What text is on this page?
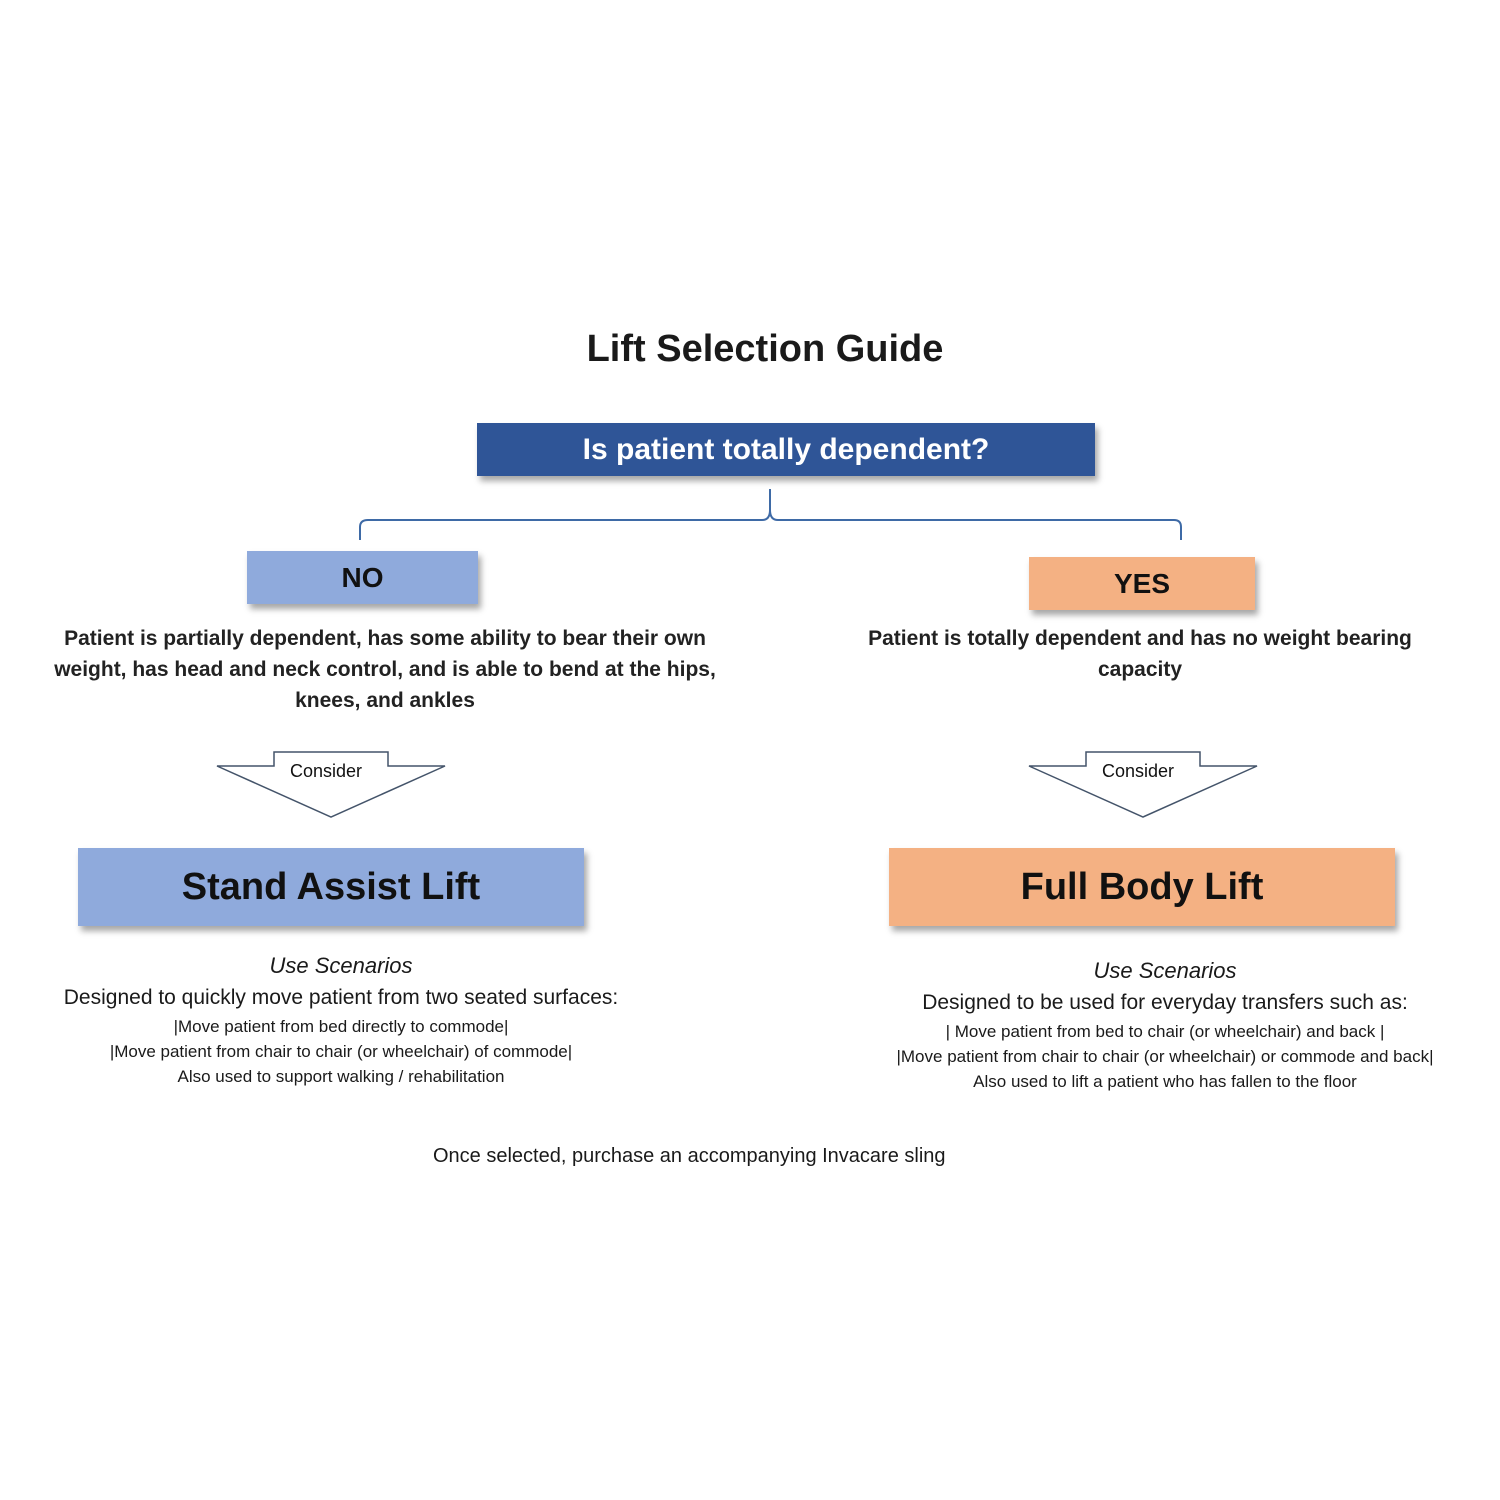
Lift Selection Guide
Is patient totally dependent?
NO	YES
Patient is partially dependent, has some ability to bear their own weight, has head and neck control, and is able to bend at the hips, knees, and ankles
Patient is totally dependent and has no weight bearing capacity
Consider	Consider
Stand Assist Lift	Full Body Lift
Use Scenarios
Designed to quickly move patient from two seated surfaces:
|Move patient from bed directly to commode|
|Move patient from chair to chair (or wheelchair) of commode|
Also used to support walking / rehabilitation
Use Scenarios
Designed to be used for everyday transfers such as:
| Move patient from bed to chair (or wheelchair) and back |
|Move patient from chair to chair (or wheelchair) or commode and back|
Also used to lift a patient who has fallen to the floor
Once selected, purchase an accompanying Invacare sling
